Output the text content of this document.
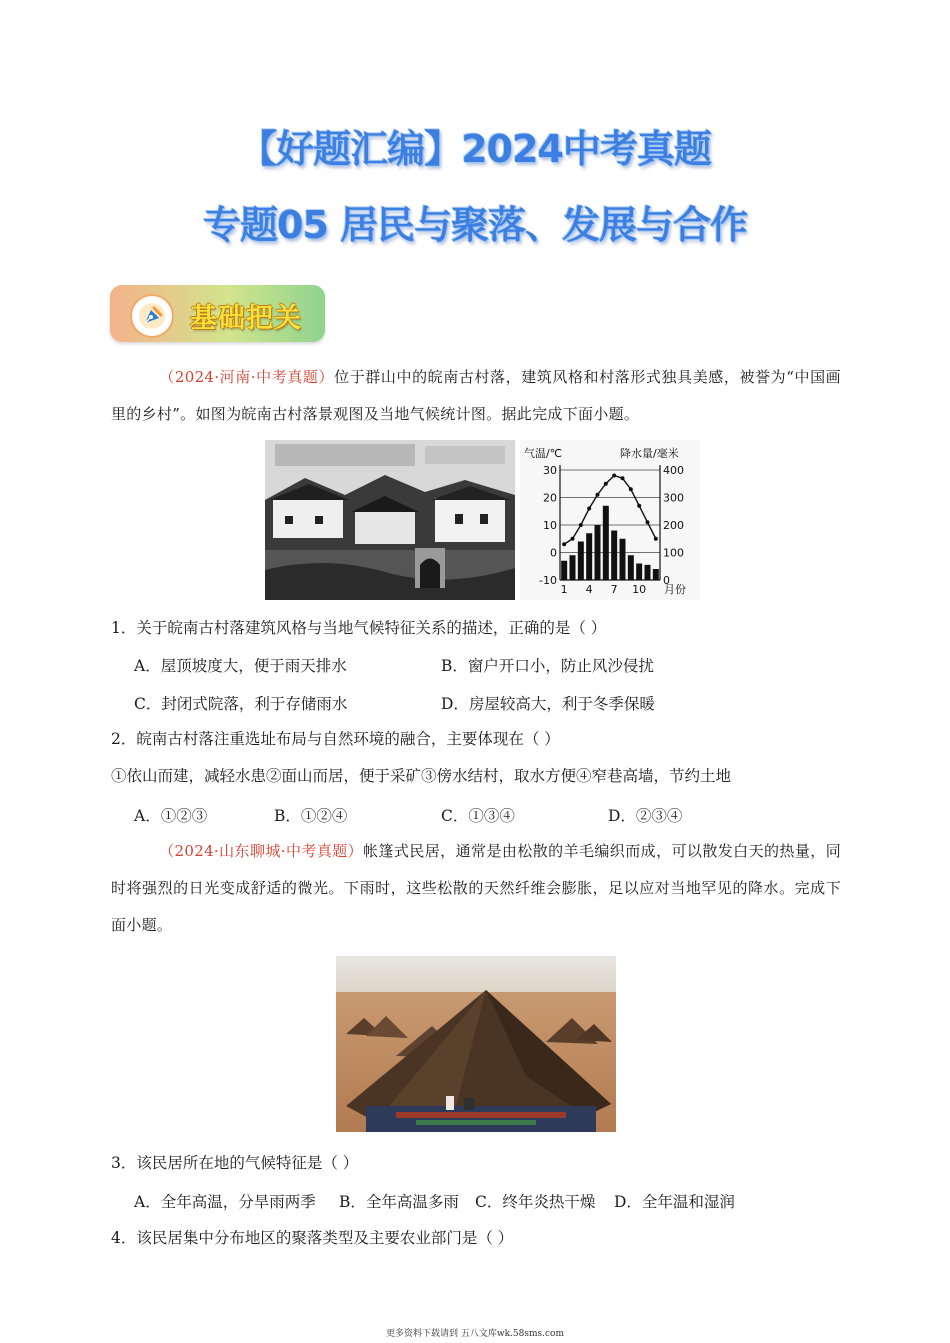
【好题汇编】2024中考真题
专题05 居民与聚落、发展与合作
基础把关
（2024·河南·中考真题）位于群山中的皖南古村落，建筑风格和村落形式独具美感，被誉为“中国画里的乡村”。如图为皖南古村落景观图及当地气候统计图。据此完成下面小题。
30
20
10
0
-10
400
300
200
100
0
1 4 7 10 月份
气温/℃	降水量/毫米
1．关于皖南古村落建筑风格与当地气候特征关系的描述，正确的是（ ）
A．屋顶坡度大，便于雨天排水	B．窗户开口小，防止风沙侵扰
C．封闭式院落，利于存储雨水	D．房屋较高大，利于冬季保暖
2．皖南古村落注重选址布局与自然环境的融合，主要体现在（ ）
①依山而建，减轻水患②面山而居，便于采矿③傍水结村，取水方便④窄巷高墙，节约土地
A．①②③	B．①②④	C．①③④	D．②③④
（2024·山东聊城·中考真题）帐篷式民居，通常是由松散的羊毛编织而成，可以散发白天的热量，同时将强烈的日光变成舒适的微光。下雨时，这些松散的天然纤维会膨胀，足以应对当地罕见的降水。完成下面小题。
3．该民居所在地的气候特征是（ ）
A．全年高温，分旱雨两季 B．全年高温多雨 C．终年炎热干燥 D．全年温和湿润
4．该民居集中分布地区的聚落类型及主要农业部门是（ ）
更多资料下载请到 五八文库wk.58sms.com
